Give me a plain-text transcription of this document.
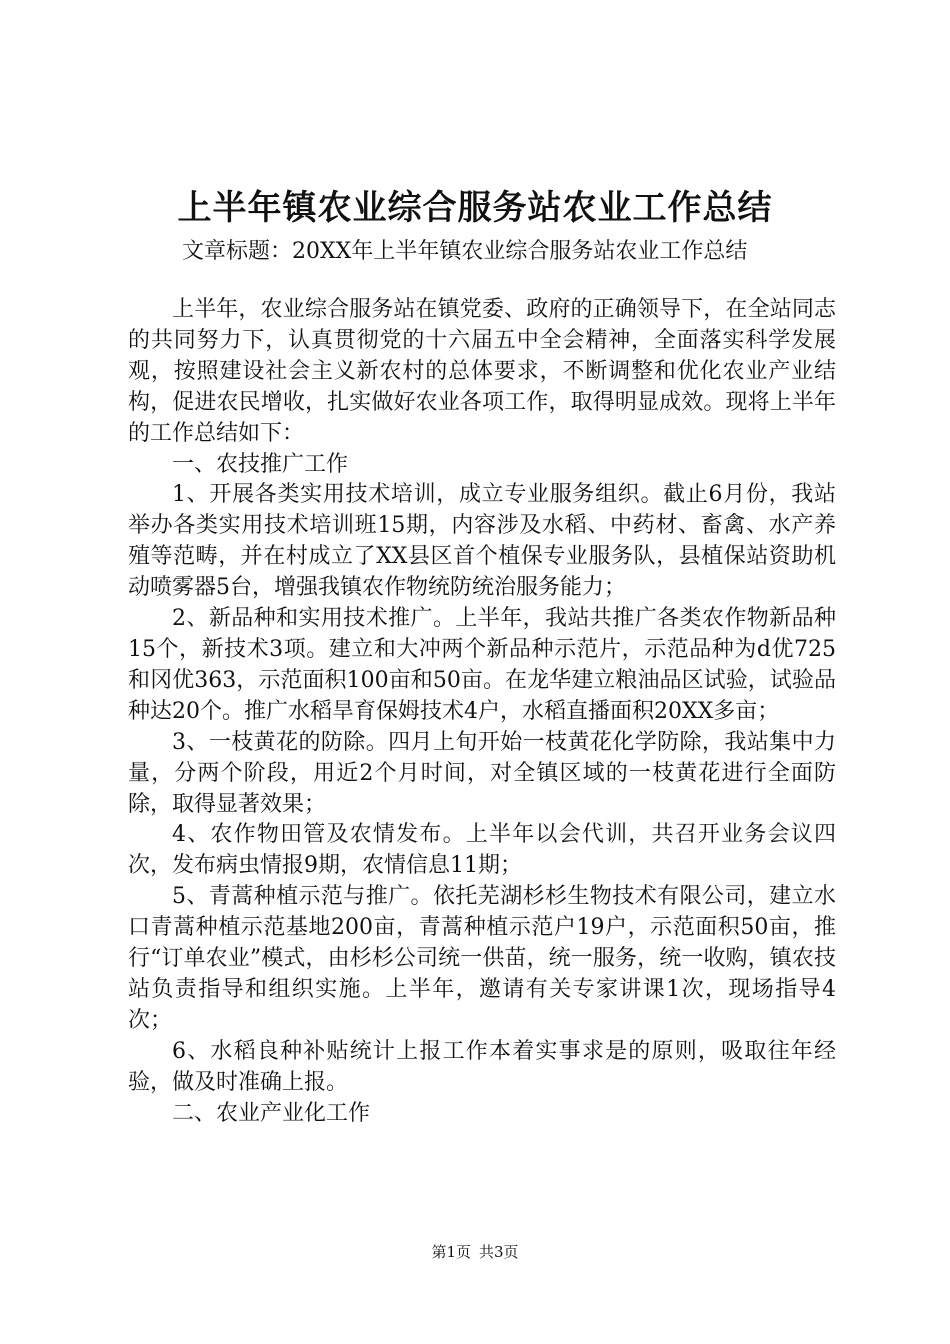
上半年镇农业综合服务站农业工作总结

文章标题：20XX年上半年镇农业综合服务站农业工作总结

上半年，农业综合服务站在镇党委、政府的正确领导下，在全站同志的共同努力下，认真贯彻党的十六届五中全会精神，全面落实科学发展观，按照建设社会主义新农村的总体要求，不断调整和优化农业产业结构，促进农民增收，扎实做好农业各项工作，取得明显成效。现将上半年的工作总结如下：

一、农技推广工作

1、开展各类实用技术培训，成立专业服务组织。截止6月份，我站举办各类实用技术培训班15期，内容涉及水稻、中药材、畜禽、水产养殖等范畴，并在村成立了XX县区首个植保专业服务队，县植保站资助机动喷雾器5台，增强我镇农作物统防统治服务能力；

2、新品种和实用技术推广。上半年，我站共推广各类农作物新品种15个，新技术3项。建立和大冲两个新品种示范片，示范品种为d优725和冈优363，示范面积100亩和50亩。在龙华建立粮油品区试验，试验品种达20个。推广水稻旱育保姆技术4户，水稻直播面积20XX多亩；

3、一枝黄花的防除。四月上旬开始一枝黄花化学防除，我站集中力量，分两个阶段，用近2个月时间，对全镇区域的一枝黄花进行全面防除，取得显著效果；

4、农作物田管及农情发布。上半年以会代训，共召开业务会议四次，发布病虫情报9期，农情信息11期；

5、青蒿种植示范与推广。依托芜湖杉杉生物技术有限公司，建立水口青蒿种植示范基地200亩，青蒿种植示范户19户，示范面积50亩，推行“订单农业”模式，由杉杉公司统一供苗，统一服务，统一收购，镇农技站负责指导和组织实施。上半年，邀请有关专家讲课1次，现场指导4次；

6、水稻良种补贴统计上报工作本着实事求是的原则，吸取往年经验，做及时准确上报。

二、农业产业化工作

第1页 共3页
